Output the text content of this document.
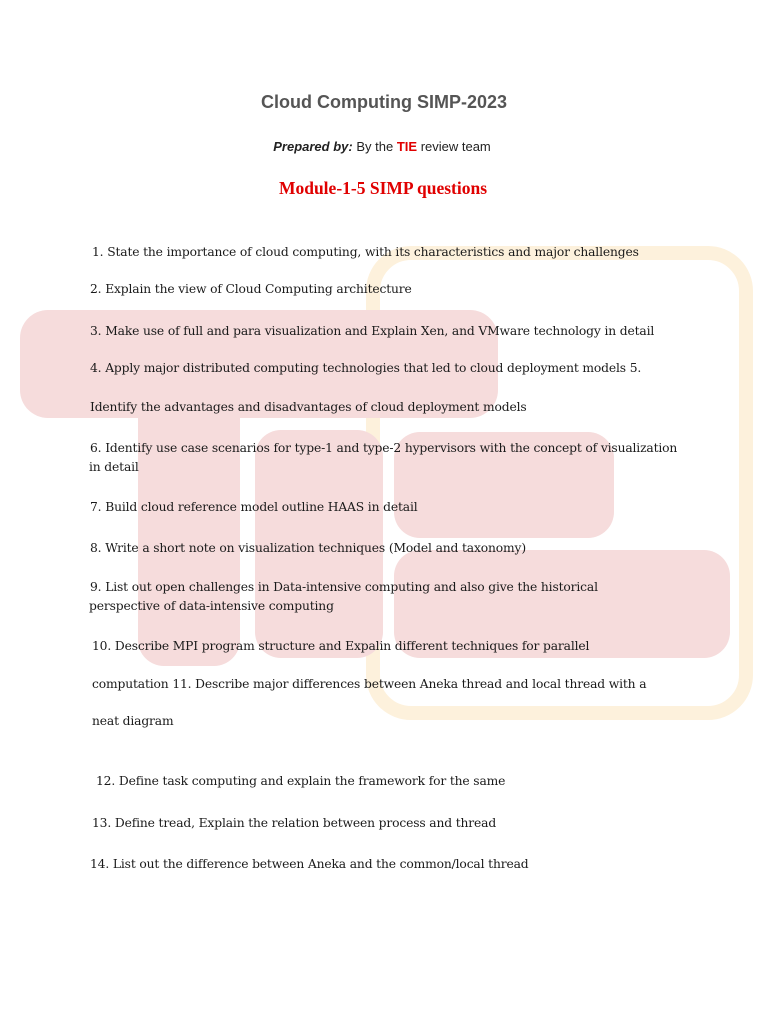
Cloud Computing SIMP-2023
Prepared by: By the TIE review team
Module-1-5 SIMP questions
1. State the importance of cloud computing, with its characteristics and major challenges
2. Explain the view of Cloud Computing architecture
3. Make use of full and para visualization and Explain Xen, and VMware technology in detail
4. Apply major distributed computing technologies that led to cloud deployment models 5.
Identify the advantages and disadvantages of cloud deployment models
6. Identify use case scenarios for type-1 and type-2 hypervisors with the concept of visualization
in detail
7. Build cloud reference model outline HAAS in detail
8. Write a short note on visualization techniques (Model and taxonomy)
9. List out open challenges in Data-intensive computing and also give the historical
perspective of data-intensive computing
10. Describe MPI program structure and Expalin different techniques for parallel
computation 11. Describe major differences between Aneka thread and local thread with a
neat diagram
12. Define task computing and explain the framework for the same
13. Define tread, Explain the relation between process and thread
14. List out the difference between Aneka and the common/local thread
